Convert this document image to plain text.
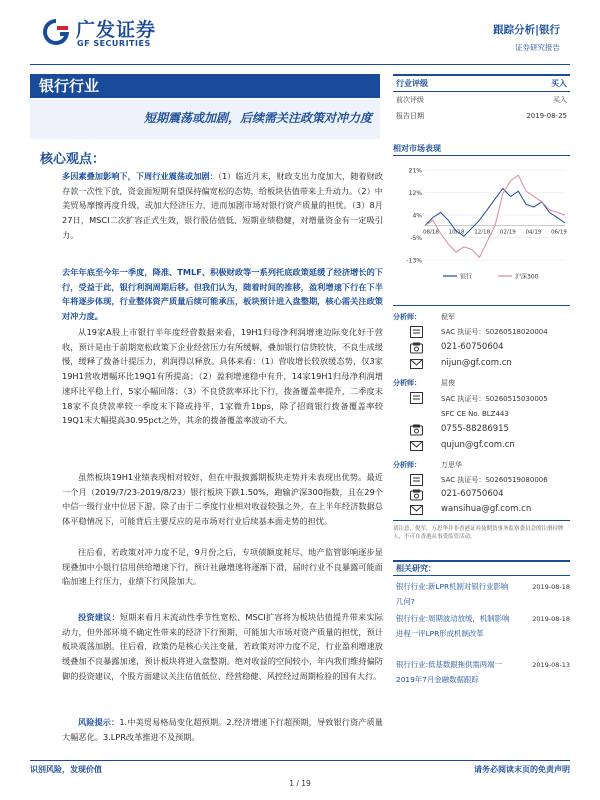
广发证券
GF SECURITIES
跟踪分析|银行
证券研究报告
银行行业
短期震荡或加剧，后续需关注政策对冲力度
行业评级	买入
前次评级	买入
报告日期	2019-08-25
核心观点：
多因素叠加影响下，下周行业震荡或加剧：（1）临近月末，财政支出力度加大，随着财政存款一次性下放，资金面短期有望保持偏宽松的态势，给板块估值带来上升动力。（2）中美贸易摩擦再度升级，或加大经济压力，进而加剧市场对银行资产质量的担忧。（3）8月27日，MSCI二次扩容正式生效，银行股估值低、短期业绩稳健，对增量资金有一定吸引力。
去年年底至今年一季度，降准、TMLF、积极财政等一系列托底政策延缓了经济增长的下行，受益于此，银行利润周期后移。但我们认为，随着时间的推移，盈利增速下行在下半年将逐步体现，行业整体资产质量后续可能承压，板块预计进入盘整期，核心需关注政策对冲力度。
从19家A股上市银行半年度经营数据来看，19H1归母净利润增速边际变化好于营收，预计是由于前期宽松政策下企业经营压力有所缓解，叠加银行信贷较快，不良生成缓慢，缓释了拨备计提压力，利润得以释放。具体来看：（1）营收增长较放缓态势，仅3家19H1营收增幅环比19Q1有所提高；（2）盈利增速稳中有升，14家19H1归母净利润增速环比平稳上行，5家小幅回落；（3）不良贷款率环比下行，拨备覆盖率提升，二季度末18家不良贷款率较一季度末下降或持平，1家微升1bps，除了招商银行拨备覆盖率较19Q1末大幅提高30.95pct之外，其余的拨备覆盖率波动不大。
虽然板块19H1业绩表现相对较好，但在中报披露期板块走势并未表现出优势。最近一个月（2019/7/23-2019/8/23）银行板块下跌1.50%，跑输沪深300指数，且在29个中信一级行业中位居下游。除了由于二季度行业相对收益较强之外，在上半年经济数据总体平稳情况下，可能背后主要反应的是市场对行业后续基本面走势的担忧。
往后看，若政策对冲力度不足，9月份之后，专项债额度耗尽、地产监管影响逐步显现叠加中小银行信用供给增速下行，预计社融增速将逐渐下滑，届时行业不良暴露可能面临加速上行压力，业绩下行风险加大。
投资建议：短期来看月末流动性季节性宽松、MSCI扩容将为板块估值提升带来实际动力，但外部环境不确定性带来的经济下行预期，可能加大市场对资产质量的担忧，预计板块震荡加剧。往后看，政策仍是核心关注变量，若政策对冲力度不足，行业盈利增速放缓叠加不良暴露加速，预计板块将进入盘整期。绝对收益的空间较小，年内我们维持偏防御的投资建议，个股方面建议关注估值低位、经营稳健、风控经过周期检验的国有大行。
风险提示：1.中美贸易格局变化超预期。2.经济增速下行超预期，导致银行资产质量大幅恶化。3.LPR改革推进不及预期。
相对市场表现
21%
12%
4%
-5%
-13%
08/18 10/18 12/18 02/19 04/19 06/19
银行	沪深300
分析师：	倪军
SAC 执证号：S0260518020004
021-60750604
nijun@gf.com.cn
分析师：	屈俊
SAC 执证号：S0260515030005
SFC CE No. BLZ443
0755-88286915
qujun@gf.com.cn
分析师：	万思华
SAC 执证号：S0260519080006
021-60750604
wansihua@gf.com.cn
请注意，倪军，万思华并非香港证券及期货事务监察委员会的注册持牌人，不可在香港从事受监管活动。
相关研究：
银行行业:新LPR机制对银行业影响几何?
2019-08-18
银行行业:周期波动放缓，机制影响进程一评LPR形成机制改革
2019-08-18
银行行业:低基数跟拖供需两端一2019年7月金融数据跟踪
2019-08-13
识别风险，发现价值	请务必阅读末页的免责声明
1 / 19
